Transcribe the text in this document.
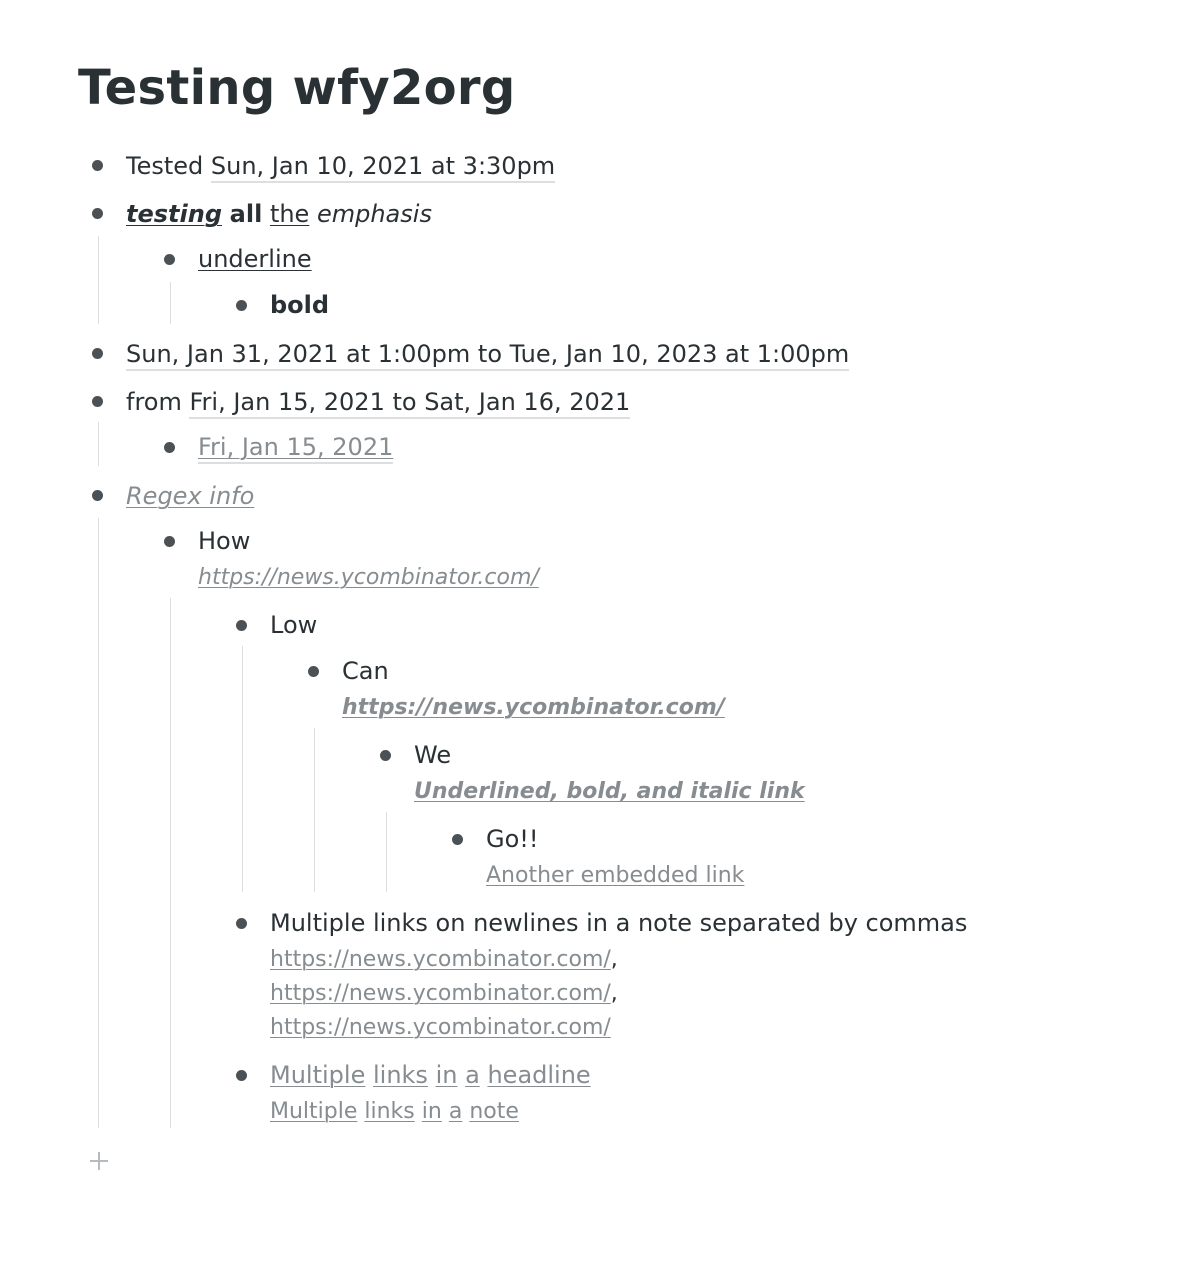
Testing wfy2org
Tested Sun, Jan 10, 2021 at 3:30pm
testing all the emphasis
underline
bold
Sun, Jan 31, 2021 at 1:00pm to Tue, Jan 10, 2023 at 1:00pm
from Fri, Jan 15, 2021 to Sat, Jan 16, 2021
Fri, Jan 15, 2021
Regex info
How
https://news.ycombinator.com/
Low
Can
https://news.ycombinator.com/
We
Underlined, bold, and italic link
Go!!
Another embedded link
Multiple links on newlines in a note separated by commas
https://news.ycombinator.com/,
https://news.ycombinator.com/,
https://news.ycombinator.com/
Multiple links in a headline
Multiple links in a note
